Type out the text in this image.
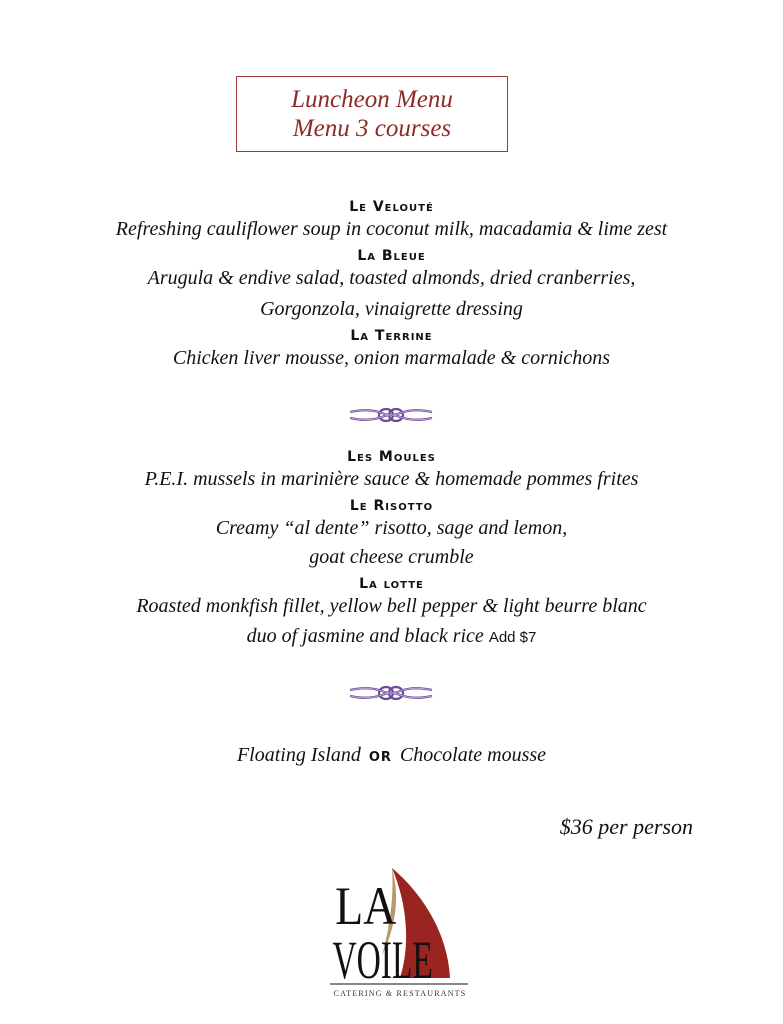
Luncheon Menu
Menu 3 courses
Le Velouté
Refreshing cauliflower soup in coconut milk, macadamia & lime zest
La Bleue
Arugula & endive salad, toasted almonds, dried cranberries,
Gorgonzola, vinaigrette dressing
La Terrine
Chicken liver mousse, onion marmalade & cornichons
Les Moules
P.E.I. mussels in marinière sauce & homemade pommes frites
Le Risotto
Creamy “al dente” risotto, sage and lemon,
goat cheese crumble
La lotte
Roasted monkfish fillet, yellow bell pepper & light beurre blanc
duo of jasmine and black rice Add $7
Floating Island OR Chocolate mousse
$36 per person
LA
VOILE
CATERING & RESTAURANTS
